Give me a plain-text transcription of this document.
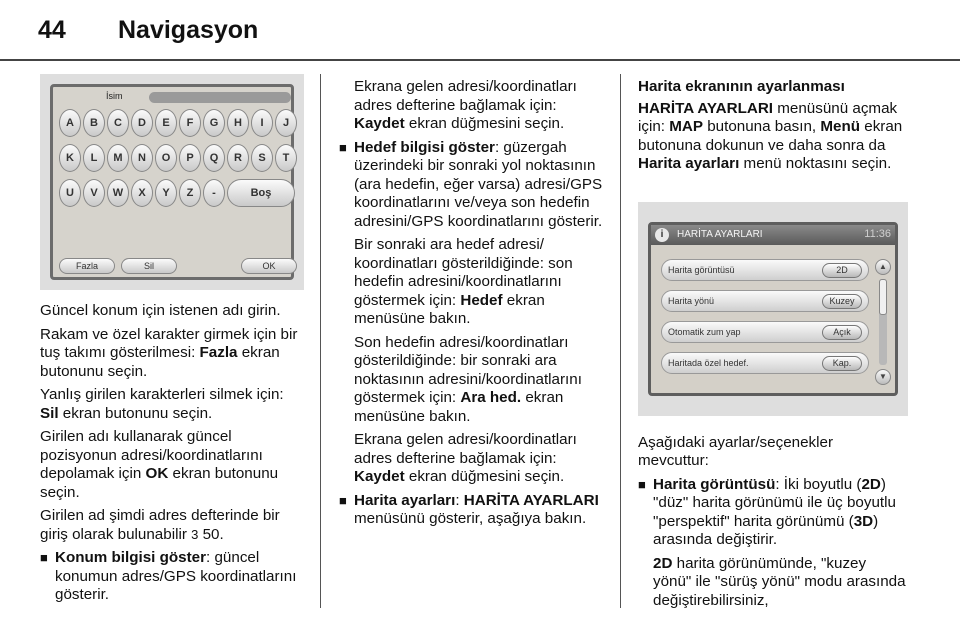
44 Navigasyon
İsim
A	B	C	D	E	F	G	H	I	J
K	L	M	N	O	P	Q	R	S	T
U	V	W	X	Y	Z	-	Boş
Fazla	Sil	OK
Güncel konum için istenen adı girin.
Rakam ve özel karakter girmek için bir tuş takımı gösterilmesi: Fazla ekran butonunu seçin.
Yanlış girilen karakterleri silmek için: Sil ekran butonunu seçin.
Girilen adı kullanarak güncel pozisyonun adresi/koordinatlarını depolamak için OK ekran butonunu seçin.
Girilen ad şimdi adres defterinde bir giriş olarak bulunabilir 3 50.
■ Konum bilgisi göster: güncel konumun adres/GPS koordinatlarını gösterir.
Ekrana gelen adresi/koordinatları adres defterine bağlamak için: Kaydet ekran düğmesini seçin.
■ Hedef bilgisi göster: güzergah üzerindeki bir sonraki yol noktasının (ara hedefin, eğer varsa) adresi/GPS koordinatlarını ve/veya son hedefin adresini/GPS koordinatlarını gösterir.
Bir sonraki ara hedef adresi/ koordinatları gösterildiğinde: son hedefin adresini/koordinatlarını göstermek için: Hedef ekran menüsüne bakın.
Son hedefin adresi/koordinatları gösterildiğinde: bir sonraki ara noktasının adresini/koordinatlarını göstermek için: Ara hed. ekran menüsüne bakın.
Ekrana gelen adresi/koordinatları adres defterine bağlamak için: Kaydet ekran düğmesini seçin.
■ Harita ayarları: HARİTA AYARLARI menüsünü gösterir, aşağıya bakın.
Harita ekranının ayarlanması
HARİTA AYARLARI menüsünü açmak için: MAP butonuna basın, Menü ekran butonuna dokunun ve daha sonra da Harita ayarları menü noktasını seçin.
i	HARİTA AYARLARI	11:36
Harita görüntüsü	2D
Harita yönü	Kuzey
Otomatik zum yap	Açık
Haritada özel hedef.	Kap.
▲
▼
Aşağıdaki ayarlar/seçenekler mevcuttur:
■ Harita görüntüsü: İki boyutlu (2D) "düz" harita görünümü ile üç boyutlu "perspektif" harita görünümü (3D) arasında değiştirir.
2D harita görünümünde, "kuzey yönü" ile "sürüş yönü" modu arasında değiştirebilirsiniz,
